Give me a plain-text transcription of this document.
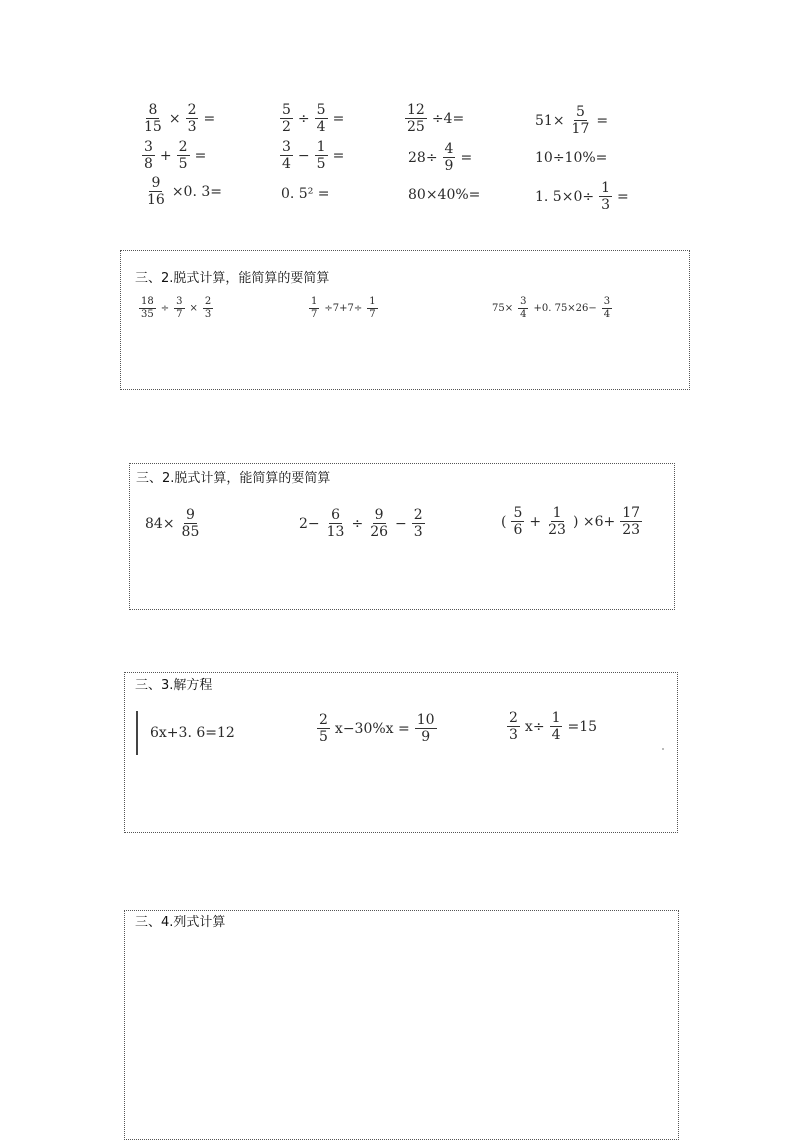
$\frac{8}{15} \times \frac{2}{3}$ =	$\frac{5}{2} \div \frac{5}{4}$ =	$\frac{12}{25} \div 4=$	$51\times \frac{5}{17}$ =
$\frac{3}{8} + \frac{2}{5}$ =	$\frac{3}{4} - \frac{1}{5}$ =	$28\div \frac{4}{9}$ =	10÷10%=
$\frac{9}{16} \times 0$. 3=	0. 5² =	80×40%=	1. $5\times 0\div \frac{1}{3}$ =
三、2.脱式计算，能简算的要简算
$\frac{18}{35} \div \frac{3}{7} \times \frac{2}{3}$	$\frac{1}{7} \div 7+7\div \frac{1}{7}$	$75\times \frac{3}{4} +0$. $75\times 26- \frac{3}{4}$
三、2.脱式计算，能简算的要简算
$84\times \frac{9}{85}$	$2- \frac{6}{13} \div \frac{9}{26} - \frac{2}{3}$	( $\frac{5}{6} + \frac{1}{23}$ ) $\times 6+ \frac{17}{23}$
三、3.解方程
6x+3. 6=12	$\frac{2}{5} x-30\%x = \frac{10}{9}$	$\frac{2}{3} x\div \frac{1}{4} =15$
三、4.列式计算
